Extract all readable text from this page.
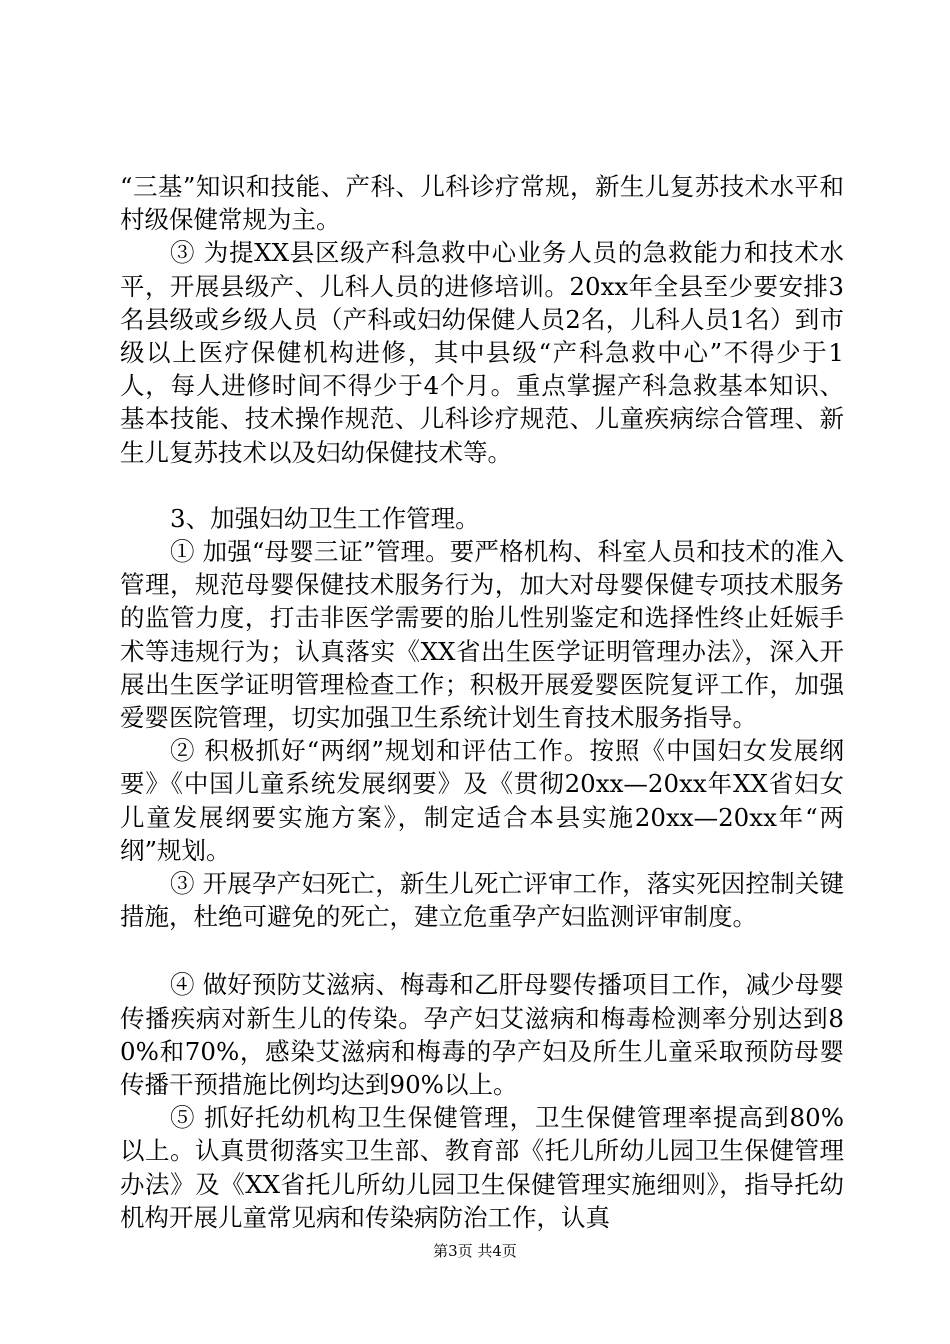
“三基”知识和技能、产科、儿科诊疗常规，新生儿复苏技术水平和村级保健常规为主。

③ 为提XX县区级产科急救中心业务人员的急救能力和技术水平，开展县级产、儿科人员的进修培训。20xx年全县至少要安排3名县级或乡级人员（产科或妇幼保健人员2名，儿科人员1名）到市级以上医疗保健机构进修，其中县级“产科急救中心”不得少于1人，每人进修时间不得少于4个月。重点掌握产科急救基本知识、基本技能、技术操作规范、儿科诊疗规范、儿童疾病综合管理、新生儿复苏技术以及妇幼保健技术等。

3、加强妇幼卫生工作管理。

① 加强“母婴三证”管理。要严格机构、科室人员和技术的准入管理，规范母婴保健技术服务行为，加大对母婴保健专项技术服务的监管力度，打击非医学需要的胎儿性别鉴定和选择性终止妊娠手术等违规行为；认真落实《XX省出生医学证明管理办法》，深入开展出生医学证明管理检查工作；积极开展爱婴医院复评工作，加强爱婴医院管理，切实加强卫生系统计划生育技术服务指导。

② 积极抓好“两纲”规划和评估工作。按照《中国妇女发展纲要》《中国儿童系统发展纲要》及《贯彻20xx—20xx年XX省妇女儿童发展纲要实施方案》，制定适合本县实施20xx—20xx年“两纲”规划。

③ 开展孕产妇死亡，新生儿死亡评审工作，落实死因控制关键措施，杜绝可避免的死亡，建立危重孕产妇监测评审制度。

④ 做好预防艾滋病、梅毒和乙肝母婴传播项目工作，减少母婴传播疾病对新生儿的传染。孕产妇艾滋病和梅毒检测率分别达到80%和70%，感染艾滋病和梅毒的孕产妇及所生儿童采取预防母婴传播干预措施比例均达到90%以上。

⑤ 抓好托幼机构卫生保健管理，卫生保健管理率提高到80%以上。认真贯彻落实卫生部、教育部《托儿所幼儿园卫生保健管理办法》及《XX省托儿所幼儿园卫生保健管理实施细则》，指导托幼机构开展儿童常见病和传染病防治工作，认真

第3页 共4页
